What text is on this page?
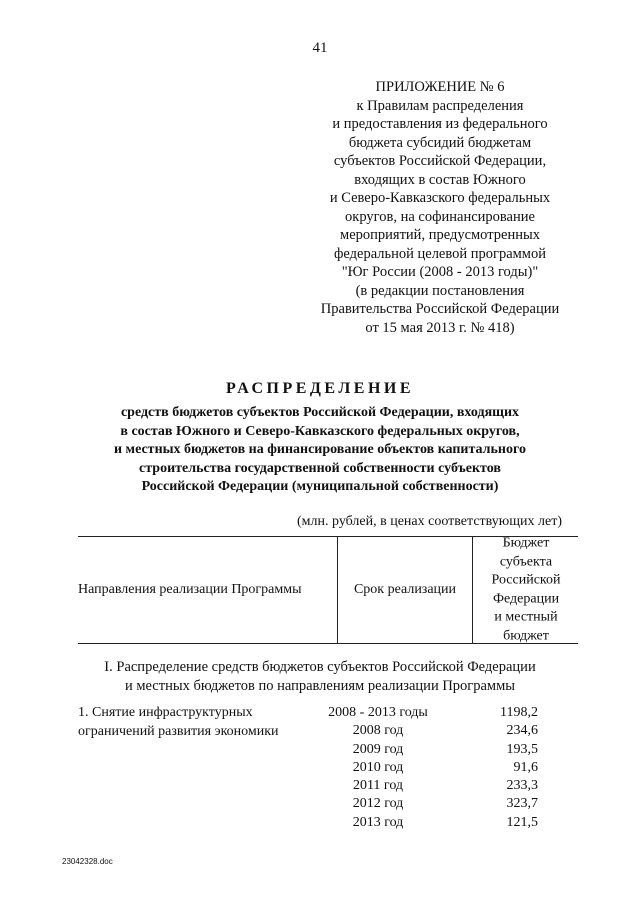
41
ПРИЛОЖЕНИЕ № 6
к Правилам распределения
и предоставления из федерального
бюджета субсидий бюджетам
субъектов Российской Федерации,
входящих в состав Южного
и Северо-Кавказского федеральных
округов, на софинансирование
мероприятий, предусмотренных
федеральной целевой программой
"Юг России (2008 - 2013 годы)"
(в редакции постановления
Правительства Российской Федерации
от 15 мая 2013 г. № 418)
РАСПРЕДЕЛЕНИЕ
средств бюджетов субъектов Российской Федерации, входящих
в состав Южного и Северо-Кавказского федеральных округов,
и местных бюджетов на финансирование объектов капитального
строительства государственной собственности субъектов
Российской Федерации (муниципальной собственности)
(млн. рублей, в ценах соответствующих лет)
Направления реализации Программы	Срок реализации
Бюджет
субъекта
Российской
Федерации
и местный
бюджет
I. Распределение средств бюджетов субъектов Российской Федерации
и местных бюджетов по направлениям реализации Программы
1. Снятие инфраструктурных
ограничений развития экономики
2008 - 2013 годы	1198,2
2008 год	234,6
2009 год	193,5
2010 год	91,6
2011 год	233,3
2012 год	323,7
2013 год	121,5
23042328.doc
